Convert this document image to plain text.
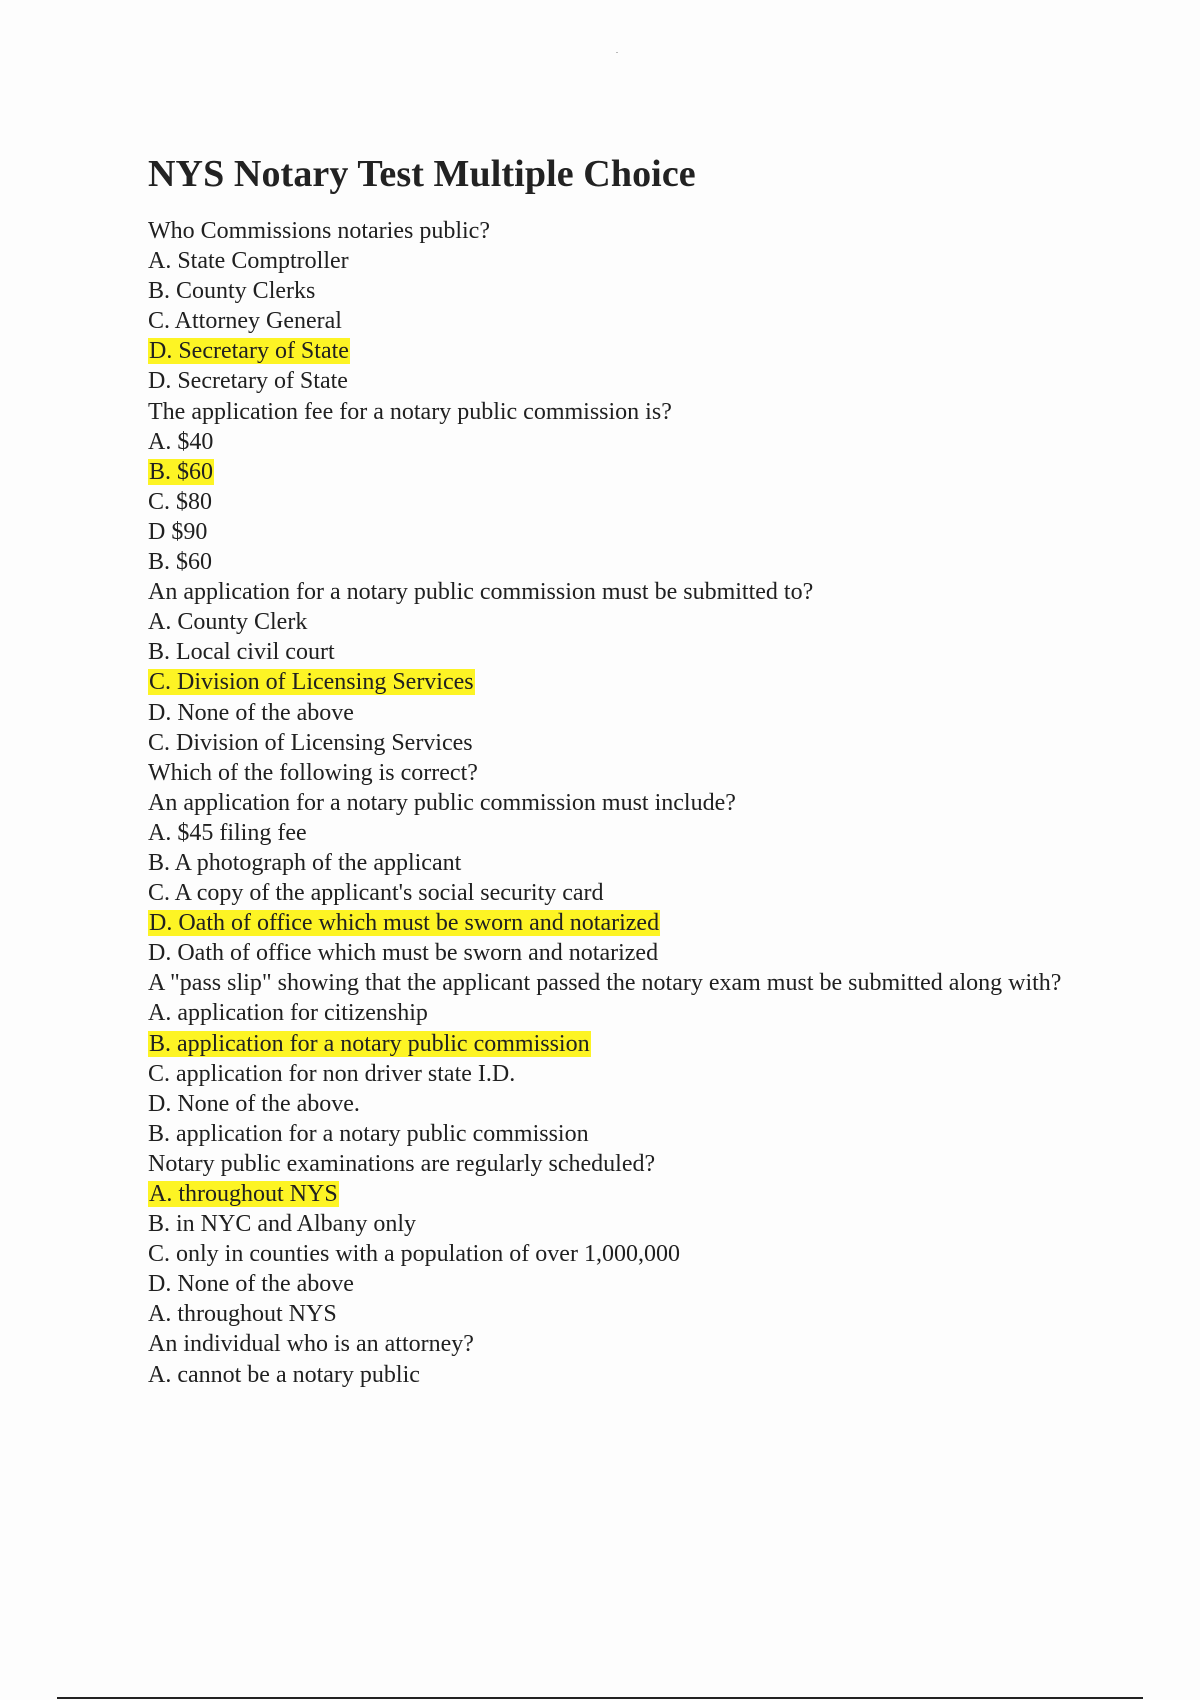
NYS Notary Test Multiple Choice
Who Commissions notaries public?
A. State Comptroller
B. County Clerks
C. Attorney General
D. Secretary of State
D. Secretary of State
The application fee for a notary public commission is?
A. $40
B. $60
C. $80
D $90
B. $60
An application for a notary public commission must be submitted to?
A. County Clerk
B. Local civil court
C. Division of Licensing Services
D. None of the above
C. Division of Licensing Services
Which of the following is correct?
An application for a notary public commission must include?
A. $45 filing fee
B. A photograph of the applicant
C. A copy of the applicant's social security card
D. Oath of office which must be sworn and notarized
D. Oath of office which must be sworn and notarized
A "pass slip" showing that the applicant passed the notary exam must be submitted along with?
A. application for citizenship
B. application for a notary public commission
C. application for non driver state I.D.
D. None of the above.
B. application for a notary public commission
Notary public examinations are regularly scheduled?
A. throughout NYS
B. in NYC and Albany only
C. only in counties with a population of over 1,000,000
D. None of the above
A. throughout NYS
An individual who is an attorney?
A. cannot be a notary public
